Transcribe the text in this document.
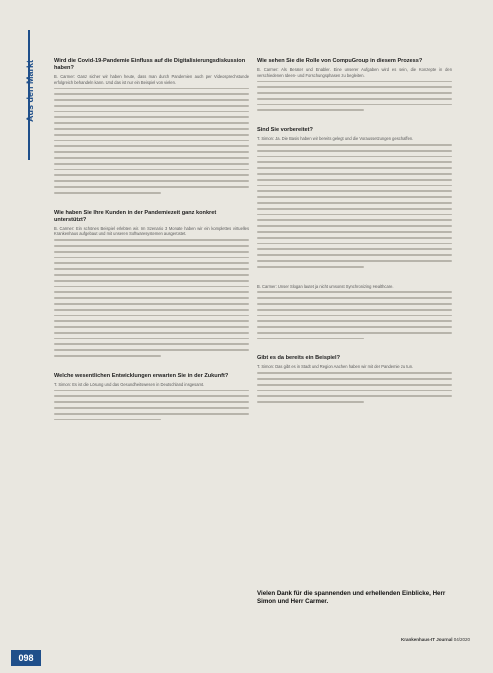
Aus den Markt	Wird die Covid-19-Pandemie Einfluss auf die Digitalisierungsdiskussion haben?
B. Carmer: Ganz sicher wir haben heute, dass man durch Pandemien auch per Videosprechstunde erfolgreich behandeln kann. Und das ist nur ein Beispiel von vielen.
Wie haben Sie Ihre Kunden in der Pandemiezeit ganz konkret unterstützt?
B. Carmer: Ein schönes Beispiel erlebten wir. Im Szenario 3 Monate haben wir ein komplettes virtuelles Krankenhaus aufgebaut und mit unseren Softwaresystemen ausgerüstet.
Welche wesentlichen Entwicklungen erwarten Sie in der Zukunft?
T. Simon: Es ist die Lösung und das Gesundheitswesen in Deutschland insgesamt.
Wie sehen Sie die Rolle von CompuGroup in diesem Prozess?
B. Carmer: Als Berater und Enabler. Eine unserer Aufgaben wird es sein, die Konzepte in den verschiedenen Ideen- und Forschungsphasen zu begleiten.
Sind Sie vorbereitet?
T. Simon: Ja. Die Basis haben wir bereits gelegt und die Voraussetzungen geschaffen.
B. Carmer: Unser Slogan lautet ja nicht umsonst Synchronizing Healthcare.
Gibt es da bereits ein Beispiel?
T. Simon: Das gibt es in Stadt und Region Aachen haben wir mit der Pandemie zu tun.
Vielen Dank für die spannenden und erhellenden Einblicke, Herr Simon und Herr Carmer.
Krankenhaus-IT Journal 04/2020
098
